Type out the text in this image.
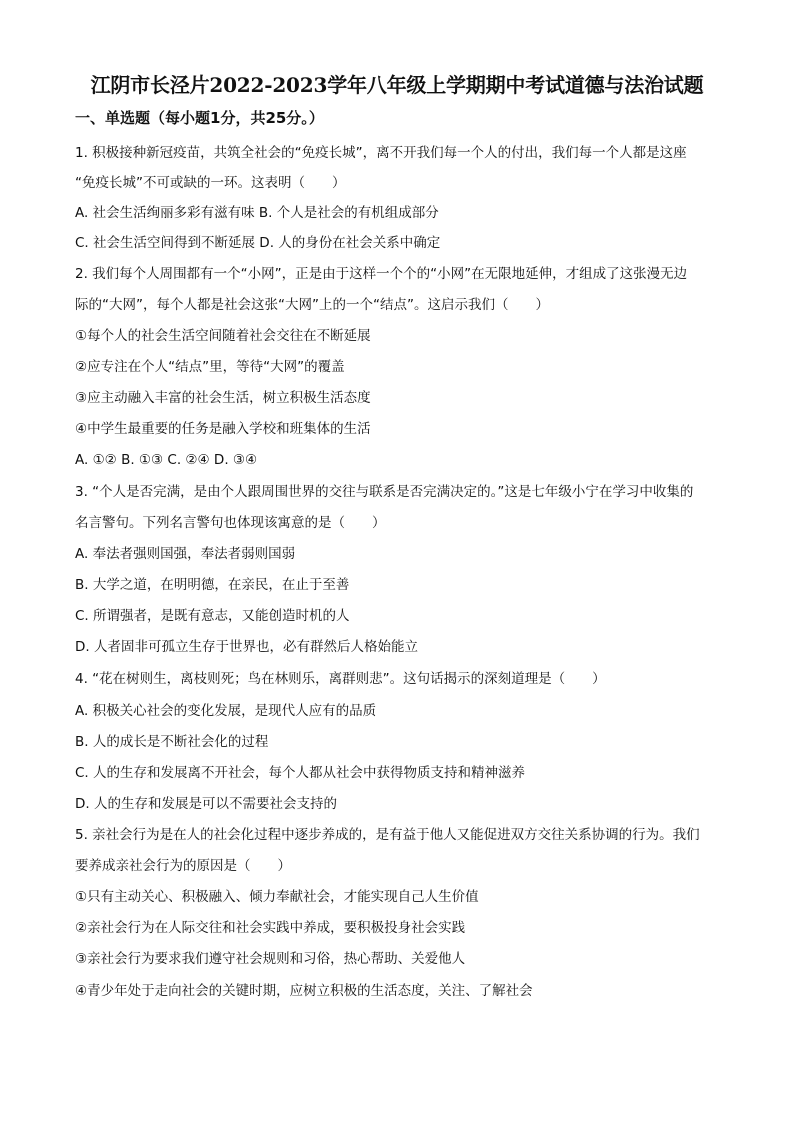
江阴市长泾片2022-2023学年八年级上学期期中考试道德与法治试题
一、单选题（每小题1分，共25分。）
1. 积极接种新冠疫苗，共筑全社会的“免疫长城”，离不开我们每一个人的付出，我们每一个人都是这座
“免疫长城”不可或缺的一环。这表明（　　）
A. 社会生活绚丽多彩有滋有味 B. 个人是社会的有机组成部分
C. 社会生活空间得到不断延展 D. 人的身份在社会关系中确定
2. 我们每个人周围都有一个“小网”，正是由于这样一个个的“小网”在无限地延伸，才组成了这张漫无边
际的“大网”，每个人都是社会这张“大网”上的一个“结点”。这启示我们（　　）
①每个人的社会生活空间随着社会交往在不断延展
②应专注在个人“结点”里，等待“大网”的覆盖
③应主动融入丰富的社会生活，树立积极生活态度
④中学生最重要的任务是融入学校和班集体的生活
A. ①② B. ①③ C. ②④ D. ③④
3. “个人是否完满，是由个人跟周围世界的交往与联系是否完满决定的。”这是七年级小宁在学习中收集的
名言警句。下列名言警句也体现该寓意的是（　　）
A. 奉法者强则国强，奉法者弱则国弱
B. 大学之道，在明明德，在亲民，在止于至善
C. 所谓强者，是既有意志，又能创造时机的人
D. 人者固非可孤立生存于世界也，必有群然后人格始能立
4. “花在树则生，离枝则死；鸟在林则乐，离群则悲”。这句话揭示的深刻道理是（　　）
A. 积极关心社会的变化发展，是现代人应有的品质
B. 人的成长是不断社会化的过程
C. 人的生存和发展离不开社会，每个人都从社会中获得物质支持和精神滋养
D. 人的生存和发展是可以不需要社会支持的
5. 亲社会行为是在人的社会化过程中逐步养成的，是有益于他人又能促进双方交往关系协调的行为。我们
要养成亲社会行为的原因是（　　）
①只有主动关心、积极融入、倾力奉献社会，才能实现自己人生价值
②亲社会行为在人际交往和社会实践中养成，要积极投身社会实践
③亲社会行为要求我们遵守社会规则和习俗，热心帮助、关爱他人
④青少年处于走向社会的关键时期，应树立积极的生活态度，关注、了解社会
